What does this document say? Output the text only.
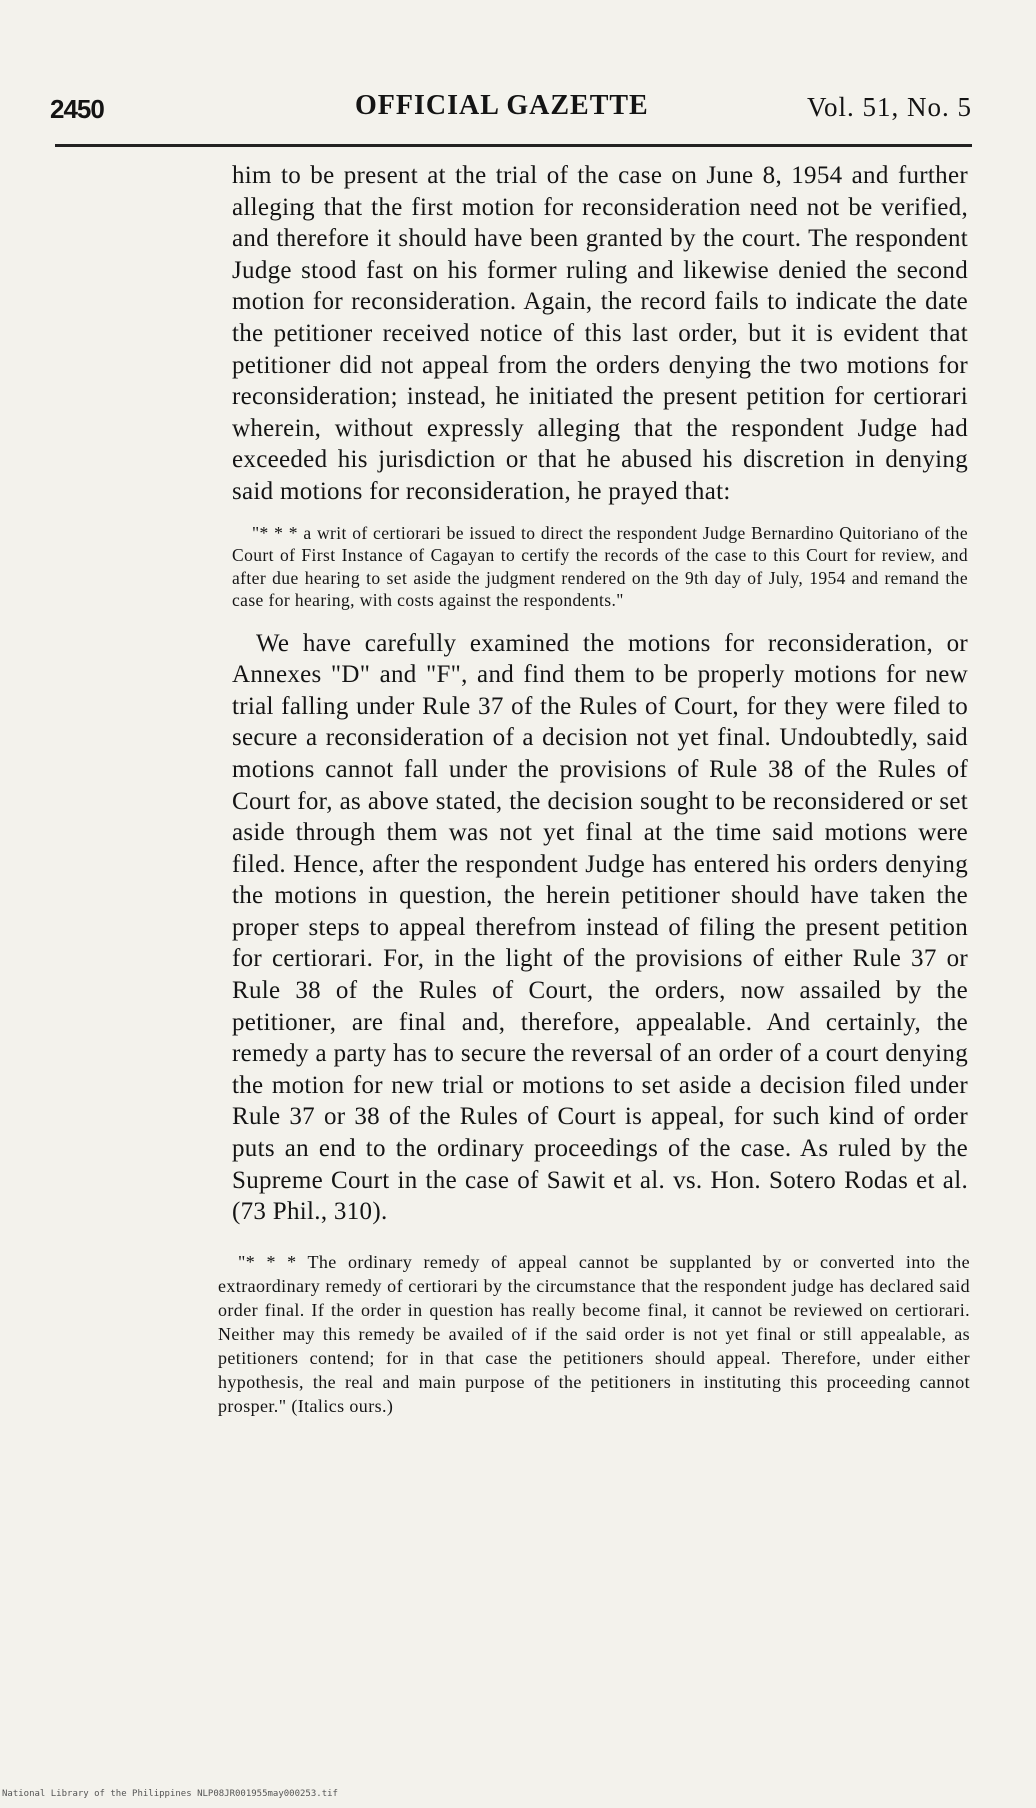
2450	OFFICIAL GAZETTE	Vol. 51, No. 5

him to be present at the trial of the case on June 8, 1954 and further alleging that the first motion for reconsideration need not be verified, and therefore it should have been granted by the court. The respondent Judge stood fast on his former ruling and likewise denied the second motion for reconsideration. Again, the record fails to indicate the date the petitioner received notice of this last order, but it is evident that petitioner did not appeal from the orders denying the two motions for reconsideration; instead, he initiated the present petition for certiorari wherein, without expressly alleging that the respondent Judge had exceeded his jurisdiction or that he abused his discretion in denying said motions for reconsideration, he prayed that:

"* * * a writ of certiorari be issued to direct the respondent Judge Bernardino Quitoriano of the Court of First Instance of Cagayan to certify the records of the case to this Court for review, and after due hearing to set aside the judgment rendered on the 9th day of July, 1954 and remand the case for hearing, with costs against the respondents."

We have carefully examined the motions for reconsideration, or Annexes "D" and "F", and find them to be properly motions for new trial falling under Rule 37 of the Rules of Court, for they were filed to secure a reconsideration of a decision not yet final. Undoubtedly, said motions cannot fall under the provisions of Rule 38 of the Rules of Court for, as above stated, the decision sought to be reconsidered or set aside through them was not yet final at the time said motions were filed. Hence, after the respondent Judge has entered his orders denying the motions in question, the herein petitioner should have taken the proper steps to appeal therefrom instead of filing the present petition for certiorari. For, in the light of the provisions of either Rule 37 or Rule 38 of the Rules of Court, the orders, now assailed by the petitioner, are final and, therefore, appealable. And certainly, the remedy a party has to secure the reversal of an order of a court denying the motion for new trial or motions to set aside a decision filed under Rule 37 or 38 of the Rules of Court is appeal, for such kind of order puts an end to the ordinary proceedings of the case. As ruled by the Supreme Court in the case of Sawit et al. vs. Hon. Sotero Rodas et al. (73 Phil., 310).

"* * * The ordinary remedy of appeal cannot be supplanted by or converted into the extraordinary remedy of certiorari by the circumstance that the respondent judge has declared said order final. If the order in question has really become final, it cannot be reviewed on certiorari. Neither may this remedy be availed of if the said order is not yet final or still appealable, as petitioners contend; for in that case the petitioners should appeal. Therefore, under either hypothesis, the real and main purpose of the petitioners in instituting this proceeding cannot prosper." (Italics ours.)

National Library of the Philippines NLP08JR001955may000253.tif
